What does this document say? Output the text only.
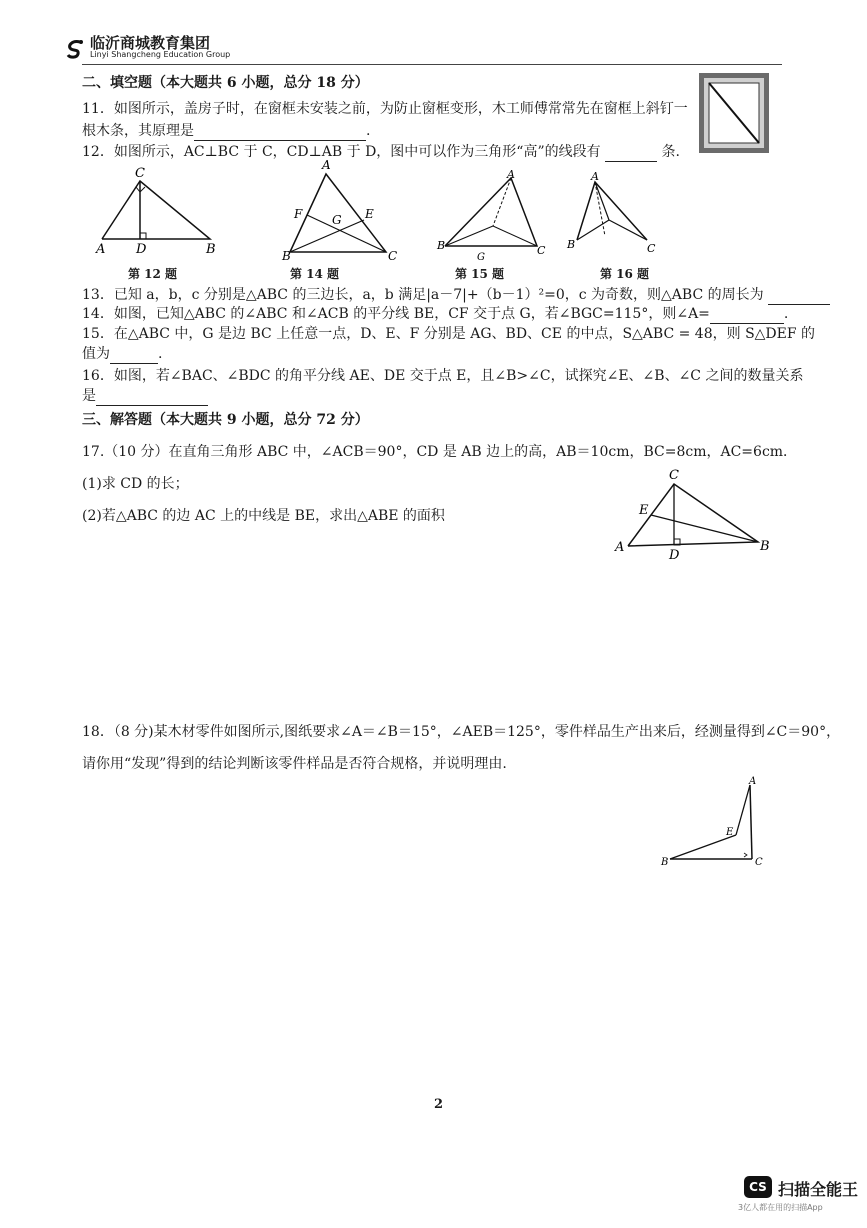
临沂商城教育集团
Linyi Shangcheng Education Group
二、填空题（本大题共 6 小题，总分 18 分）
11．如图所示，盖房子时，在窗框未安装之前，为防止窗框变形，木工师傅常常先在窗框上斜钉一
根木条，其原理是	.
12．如图所示，AC⊥BC 于 C，CD⊥AB 于 D，图中可以作为三角形“高”的线段有	条.
C
A D	B
第 12 题
A
F	E
G
B	C
第 14 题
A
B
G
C
第 15 题
A
B	C
第 16 题
13．已知 a，b，c 分别是△ABC 的三边长，a，b 满足|a－7|+（b－1）²=0，c 为奇数，则△ABC 的周长为
14．如图，已知△ABC 的∠ABC 和∠ACB 的平分线 BE，CF 交于点 G，若∠BGC=115°，则∠A=	.
15．在△ABC 中，G 是边 BC 上任意一点，D、E、F 分别是 AG、BD、CE 的中点，S△ABC = 48，则 S△DEF 的
值为	.
16．如图，若∠BAC、∠BDC 的角平分线 AE、DE 交于点 E，且∠B>∠C，试探究∠E、∠B、∠C 之间的数量关系
是
三、解答题（本大题共 9 小题，总分 72 分）
17.（10 分）在直角三角形 ABC 中，∠ACB＝90°，CD 是 AB 边上的高，AB＝10cm，BC=8cm，AC=6cm．
(1)求 CD 的长；
(2)若△ABC 的边 AC 上的中线是 BE，求出△ABE 的面积
C
E
A
D
B
18．（8 分)某木材零件如图所示,图纸要求∠A＝∠B＝15°，∠AEB＝125°，零件样品生产出来后，经测量得到∠C＝90°，
请你用“发现”得到的结论判断该零件样品是否符合规格，并说明理由.
A
E
B	C
2
CS 扫描全能王
3亿人都在用的扫描App
